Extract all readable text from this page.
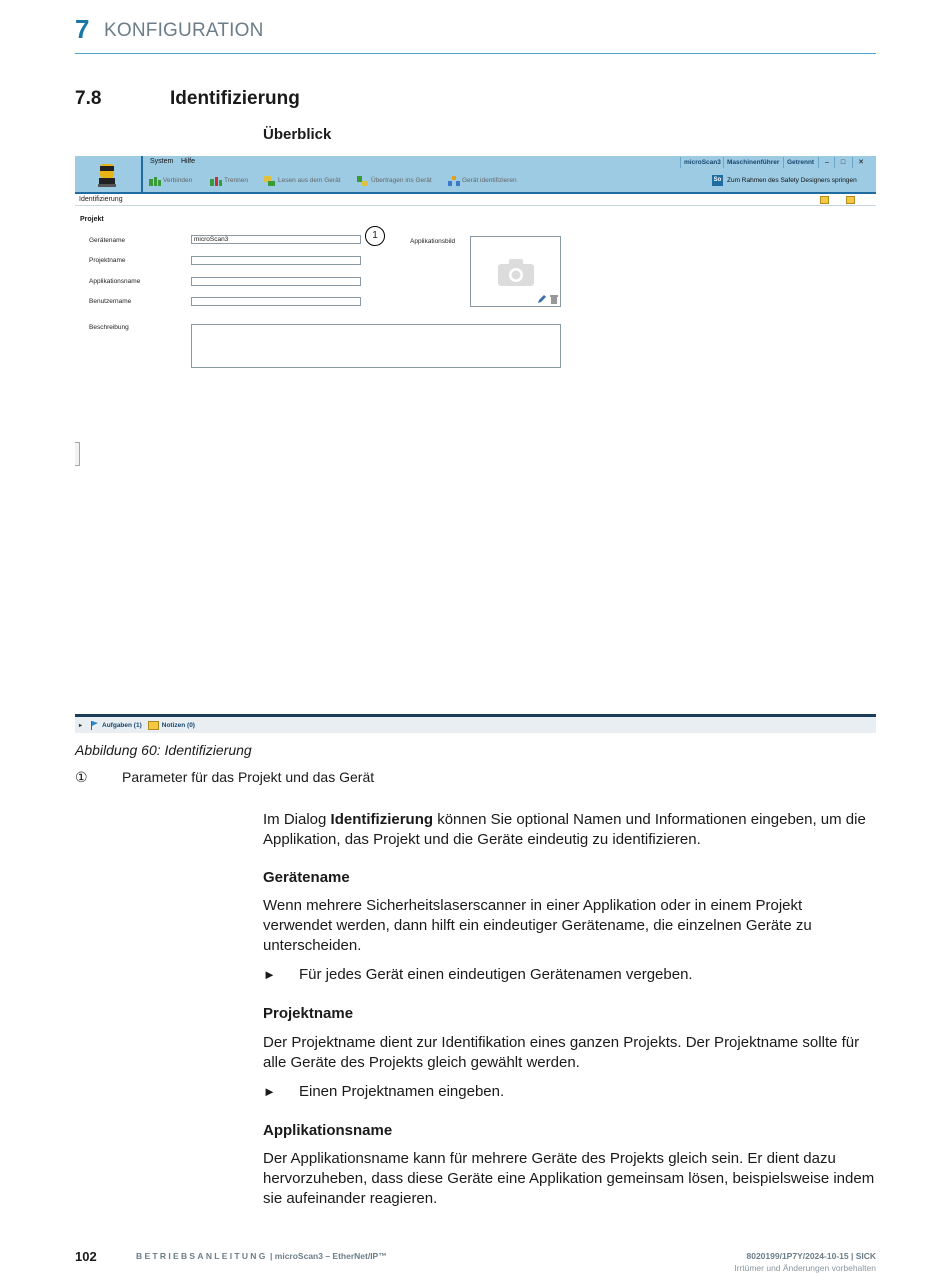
7 KONFIGURATION
7.8	Identifizierung
Überblick
System Hilfe	microScan3 Maschinenführer	Getrennt	–	□	✕
Verbinden	Trennen	Lesen aus dem Gerät	Übertragen ins Gerät	Gerät identifizieren	So Zum Rahmen des Safety Designers springen
Identifizierung
Projekt
Gerätename	microScan3
Projektname
Applikationsname
Benutzername
Beschreibung
1
Applikationsbild
▸	Aufgaben (1)	Notizen (0)
Abbildung 60: Identifizierung
① Parameter für das Projekt und das Gerät
Im Dialog Identifizierung können Sie optional Namen und Informationen eingeben, um die Applikation, das Projekt und die Geräte eindeutig zu identifizieren.
Gerätename
Wenn mehrere Sicherheitslaserscanner in einer Applikation oder in einem Projekt verwendet werden, dann hilft ein eindeutiger Gerätename, die einzelnen Geräte zu unterscheiden.
► Für jedes Gerät einen eindeutigen Gerätenamen vergeben.
Projektname
Der Projektname dient zur Identifikation eines ganzen Projekts. Der Projektname sollte für alle Geräte des Projekts gleich gewählt werden.
► Einen Projektnamen eingeben.
Applikationsname
Der Applikationsname kann für mehrere Geräte des Projekts gleich sein. Er dient dazu hervorzuheben, dass diese Geräte eine Applikation gemeinsam lösen, beispielsweise indem sie aufeinander reagieren.
102	BETRIEBSANLEITUNG | microScan3 – EtherNet/IP™	8020199/1P7Y/2024-10-15 | SICK
Irrtümer und Änderungen vorbehalten
